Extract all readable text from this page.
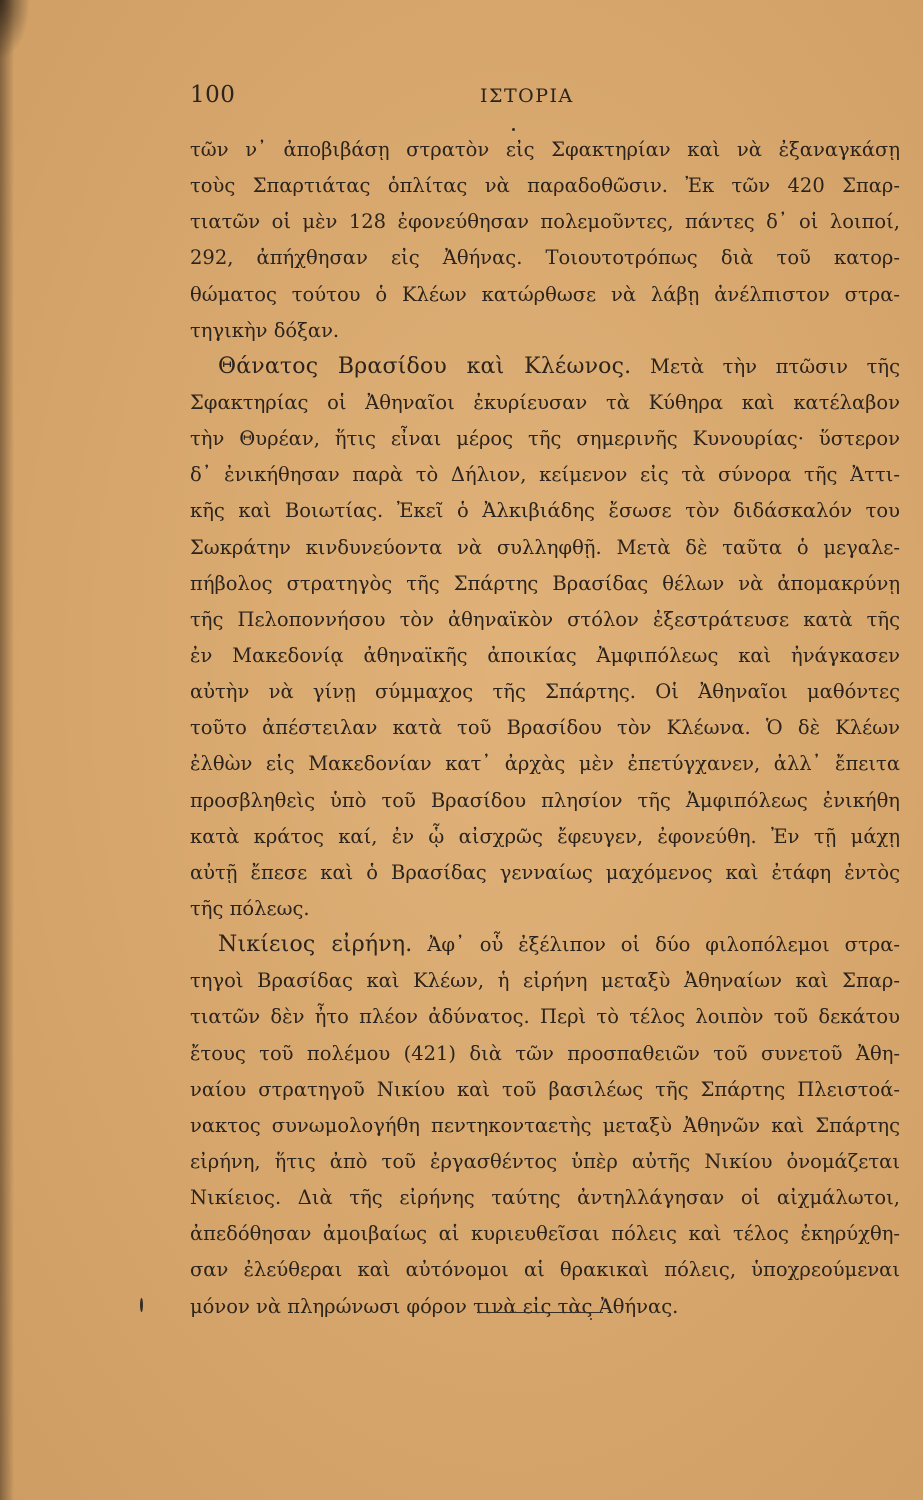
100	ΙΣΤΟΡΙΑ
τῶν ν᾽ ἀποβιβάσῃ στρατὸν εἰς Σφακτηρίαν καὶ νὰ ἐξαναγκάσῃ
τοὺς Σπαρτιάτας ὁπλίτας νὰ παραδοθῶσιν. Ἐκ τῶν 420 Σπαρ-
τιατῶν οἱ μὲν 128 ἐφονεύθησαν πολεμοῦντες, πάντες δ᾽ οἱ λοιποί,
292, ἀπήχθησαν εἰς Ἀθήνας. Τοιουτοτρόπως διὰ τοῦ κατορ-
θώματος τούτου ὁ Κλέων κατώρθωσε νὰ λάβῃ ἀνέλπιστον στρα-
τηγικὴν δόξαν.
Θάνατος Βρασίδου καὶ Κλέωνος. Μετὰ τὴν πτῶσιν τῆς
Σφακτηρίας οἱ Ἀθηναῖοι ἐκυρίευσαν τὰ Κύθηρα καὶ κατέλαβον
τὴν Θυρέαν, ἥτις εἶναι μέρος τῆς σημερινῆς Κυνουρίας· ὕστερον
δ᾽ ἐνικήθησαν παρὰ τὸ Δήλιον, κείμενον εἰς τὰ σύνορα τῆς Ἀττι-
κῆς καὶ Βοιωτίας. Ἐκεῖ ὁ Ἀλκιβιάδης ἔσωσε τὸν διδάσκαλόν του
Σωκράτην κινδυνεύοντα νὰ συλληφθῇ. Μετὰ δὲ ταῦτα ὁ μεγαλε-
πήβολος στρατηγὸς τῆς Σπάρτης Βρασίδας θέλων νὰ ἀπομακρύνῃ
τῆς Πελοποννήσου τὸν ἀθηναϊκὸν στόλον ἐξεστράτευσε κατὰ τῆς
ἐν Μακεδονίᾳ ἀθηναϊκῆς ἀποικίας Ἀμφιπόλεως καὶ ἠνάγκασεν
αὐτὴν νὰ γίνῃ σύμμαχος τῆς Σπάρτης. Οἱ Ἀθηναῖοι μαθόντες
τοῦτο ἀπέστειλαν κατὰ τοῦ Βρασίδου τὸν Κλέωνα. Ὁ δὲ Κλέων
ἐλθὼν εἰς Μακεδονίαν κατ᾽ ἀρχὰς μὲν ἐπετύγχανεν, ἀλλ᾽ ἔπειτα
προσβληθεὶς ὑπὸ τοῦ Βρασίδου πλησίον τῆς Ἀμφιπόλεως ἐνικήθη
κατὰ κράτος καί, ἐν ᾧ αἰσχρῶς ἔφευγεν, ἐφονεύθη. Ἐν τῇ μάχῃ
αὐτῇ ἔπεσε καὶ ὁ Βρασίδας γενναίως μαχόμενος καὶ ἐτάφη ἐντὸς
τῆς πόλεως.
Νικίειος εἰρήνη. Ἀφ᾽ οὗ ἐξέλιπον οἱ δύο φιλοπόλεμοι στρα-
τηγοὶ Βρασίδας καὶ Κλέων, ἡ εἰρήνη μεταξὺ Ἀθηναίων καὶ Σπαρ-
τιατῶν δὲν ἦτο πλέον ἀδύνατος. Περὶ τὸ τέλος λοιπὸν τοῦ δεκάτου
ἔτους τοῦ πολέμου (421) διὰ τῶν προσπαθειῶν τοῦ συνετοῦ Ἀθη-
ναίου στρατηγοῦ Νικίου καὶ τοῦ βασιλέως τῆς Σπάρτης Πλειστοά-
νακτος συνωμολογήθη πεντηκονταετὴς μεταξὺ Ἀθηνῶν καὶ Σπάρτης
εἰρήνη, ἥτις ἀπὸ τοῦ ἐργασθέντος ὑπὲρ αὐτῆς Νικίου ὀνομάζεται
Νικίειος. Διὰ τῆς εἰρήνης ταύτης ἀντηλλάγησαν οἱ αἰχμάλωτοι,
ἀπεδόθησαν ἀμοιβαίως αἱ κυριευθεῖσαι πόλεις καὶ τέλος ἐκηρύχθη-
σαν ἐλεύθεραι καὶ αὐτόνομοι αἱ θρακικαὶ πόλεις, ὑποχρεούμεναι
μόνον νὰ πληρώνωσι φόρον τινὰ εἰς τὰς Ἀθήνας.
